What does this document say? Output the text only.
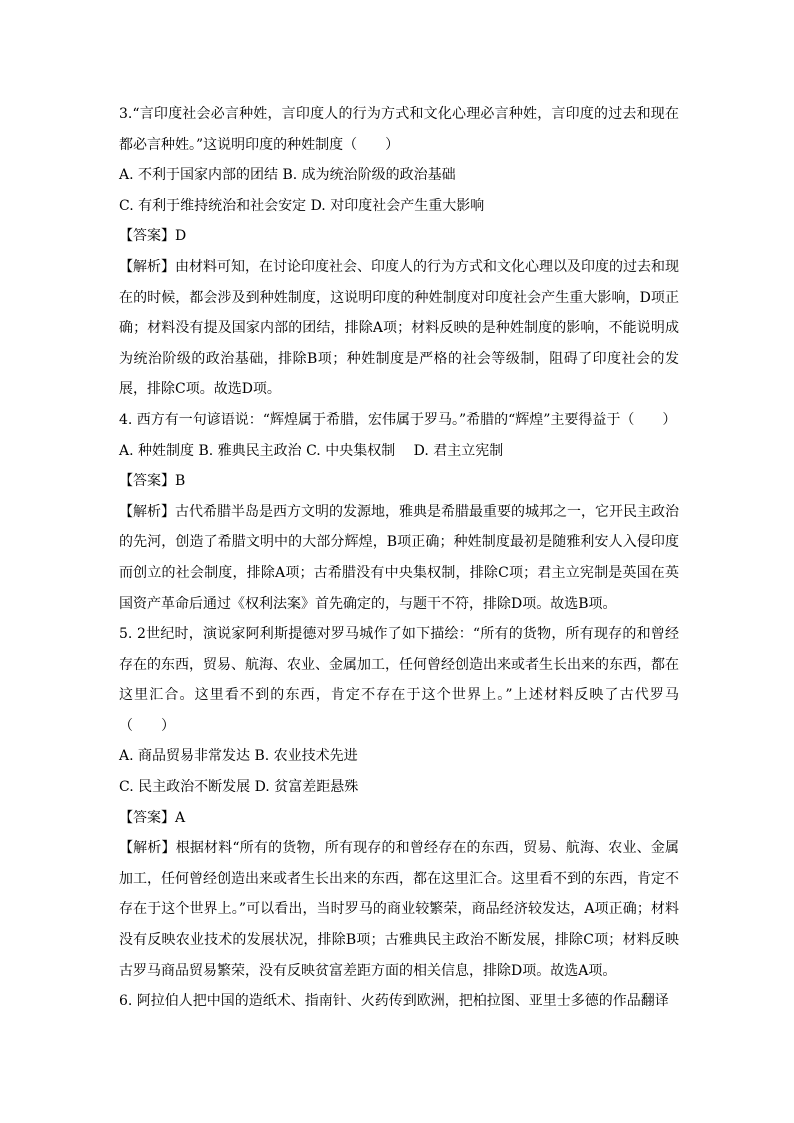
3.“言印度社会必言种姓，言印度人的行为方式和文化心理必言种姓，言印度的过去和现在都必言种姓。”这说明印度的种姓制度（　　）

A. 不利于国家内部的团结 B. 成为统治阶级的政治基础

C. 有利于维持统治和社会安定 D. 对印度社会产生重大影响

【答案】D

【解析】由材料可知，在讨论印度社会、印度人的行为方式和文化心理以及印度的过去和现在的时候，都会涉及到种姓制度，这说明印度的种姓制度对印度社会产生重大影响，D项正确；材料没有提及国家内部的团结，排除A项；材料反映的是种姓制度的影响，不能说明成为统治阶级的政治基础，排除B项；种姓制度是严格的社会等级制，阻碍了印度社会的发展，排除C项。故选D项。

4. 西方有一句谚语说：“辉煌属于希腊，宏伟属于罗马。”希腊的“辉煌”主要得益于（　　）

A. 种姓制度 B. 雅典民主政治 C. 中央集权制　 D. 君主立宪制

【答案】B

【解析】古代希腊半岛是西方文明的发源地，雅典是希腊最重要的城邦之一，它开民主政治的先河，创造了希腊文明中的大部分辉煌，B项正确；种姓制度最初是随雅利安人入侵印度而创立的社会制度，排除A项；古希腊没有中央集权制，排除C项；君主立宪制是英国在英国资产革命后通过《权利法案》首先确定的，与题干不符，排除D项。故选B项。

5. 2世纪时，演说家阿利斯提德对罗马城作了如下描绘：“所有的货物，所有现存的和曾经存在的东西，贸易、航海、农业、金属加工，任何曾经创造出来或者生长出来的东西，都在这里汇合。这里看不到的东西，肯定不存在于这个世界上。”上述材料反映了古代罗马（　　）

A. 商品贸易非常发达 B. 农业技术先进

C. 民主政治不断发展 D. 贫富差距悬殊

【答案】A

【解析】根据材料“所有的货物，所有现存的和曾经存在的东西，贸易、航海、农业、金属加工，任何曾经创造出来或者生长出来的东西，都在这里汇合。这里看不到的东西，肯定不存在于这个世界上。”可以看出，当时罗马的商业较繁荣，商品经济较发达，A项正确；材料没有反映农业技术的发展状况，排除B项；古雅典民主政治不断发展，排除C项；材料反映古罗马商品贸易繁荣，没有反映贫富差距方面的相关信息，排除D项。故选A项。

6. 阿拉伯人把中国的造纸术、指南针、火药传到欧洲，把柏拉图、亚里士多德的作品翻译
